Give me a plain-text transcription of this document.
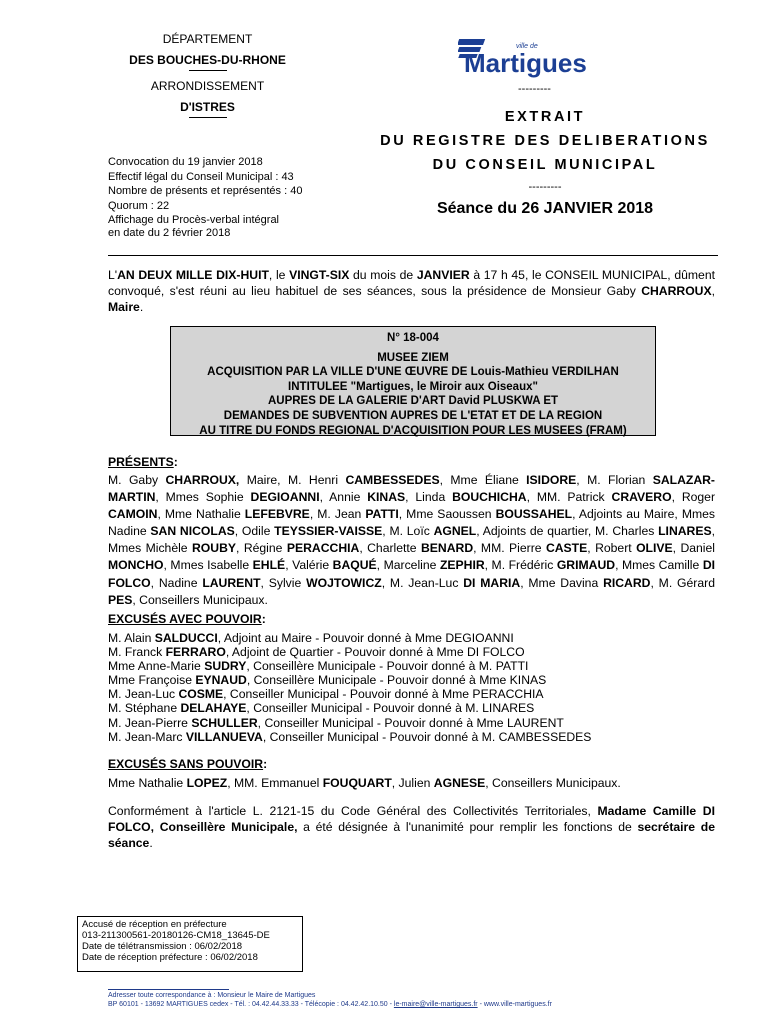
DÉPARTEMENT
DES BOUCHES-DU-RHONE
ARRONDISSEMENT
D'ISTRES
Convocation du 19 janvier 2018
Effectif légal du Conseil Municipal : 43
Nombre de présents et représentés : 40
Quorum : 22
Affichage du Procès-verbal intégral
en date du 2 février 2018
ville de
Martigues
---------
EXTRAIT
DU REGISTRE DES DELIBERATIONS
DU CONSEIL MUNICIPAL
---------
Séance du 26 JANVIER 2018
L'AN DEUX MILLE DIX-HUIT, le VINGT-SIX du mois de JANVIER à 17 h 45, le CONSEIL MUNICIPAL, dûment convoqué, s'est réuni au lieu habituel de ses séances, sous la présidence de Monsieur Gaby CHARROUX, Maire.
N° 18-004
MUSEE ZIEM
ACQUISITION PAR LA VILLE D'UNE ŒUVRE DE Louis-Mathieu VERDILHAN
INTITULEE "Martigues, le Miroir aux Oiseaux"
AUPRES DE LA GALERIE D'ART David PLUSKWA ET
DEMANDES DE SUBVENTION AUPRES DE L'ETAT ET DE LA REGION
AU TITRE DU FONDS REGIONAL D'ACQUISITION POUR LES MUSEES (FRAM)
PRÉSENTS:
M. Gaby CHARROUX, Maire, M. Henri CAMBESSEDES, Mme Éliane ISIDORE, M. Florian SALAZAR-MARTIN, Mmes Sophie DEGIOANNI, Annie KINAS, Linda BOUCHICHA, MM. Patrick CRAVERO, Roger CAMOIN, Mme Nathalie LEFEBVRE, M. Jean PATTI, Mme Saoussen BOUSSAHEL, Adjoints au Maire, Mmes Nadine SAN NICOLAS, Odile TEYSSIER-VAISSE, M. Loïc AGNEL, Adjoints de quartier, M. Charles LINARES, Mmes Michèle ROUBY, Régine PERACCHIA, Charlette BENARD, MM. Pierre CASTE, Robert OLIVE, Daniel MONCHO, Mmes Isabelle EHLÉ, Valérie BAQUÉ, Marceline ZEPHIR, M. Frédéric GRIMAUD, Mmes Camille DI FOLCO, Nadine LAURENT, Sylvie WOJTOWICZ, M. Jean-Luc DI MARIA, Mme Davina RICARD, M. Gérard PES, Conseillers Municipaux.
EXCUSÉS AVEC POUVOIR:
M. Alain SALDUCCI, Adjoint au Maire - Pouvoir donné à Mme DEGIOANNI
M. Franck FERRARO, Adjoint de Quartier - Pouvoir donné à Mme DI FOLCO
Mme Anne-Marie SUDRY, Conseillère Municipale - Pouvoir donné à M. PATTI
Mme Françoise EYNAUD, Conseillère Municipale - Pouvoir donné à Mme KINAS
M. Jean-Luc COSME, Conseiller Municipal - Pouvoir donné à Mme PERACCHIA
M. Stéphane DELAHAYE, Conseiller Municipal - Pouvoir donné à M. LINARES
M. Jean-Pierre SCHULLER, Conseiller Municipal - Pouvoir donné à Mme LAURENT
M. Jean-Marc VILLANUEVA, Conseiller Municipal - Pouvoir donné à M. CAMBESSEDES
EXCUSÉS SANS POUVOIR:
Mme Nathalie LOPEZ, MM. Emmanuel FOUQUART, Julien AGNESE, Conseillers Municipaux.
Conformément à l'article L. 2121-15 du Code Général des Collectivités Territoriales, Madame Camille DI FOLCO, Conseillère Municipale, a été désignée à l'unanimité pour remplir les fonctions de secrétaire de séance.
Accusé de réception en préfecture
013-211300561-20180126-CM18_13645-DE
Date de télétransmission : 06/02/2018
Date de réception préfecture : 06/02/2018
Adresser toute correspondance à : Monsieur le Maire de Martigues
BP 60101 - 13692 MARTIGUES cedex - Tél. : 04.42.44.33.33 - Télécopie : 04.42.42.10.50 - le-maire@ville-martigues.fr - www.ville-martigues.fr
